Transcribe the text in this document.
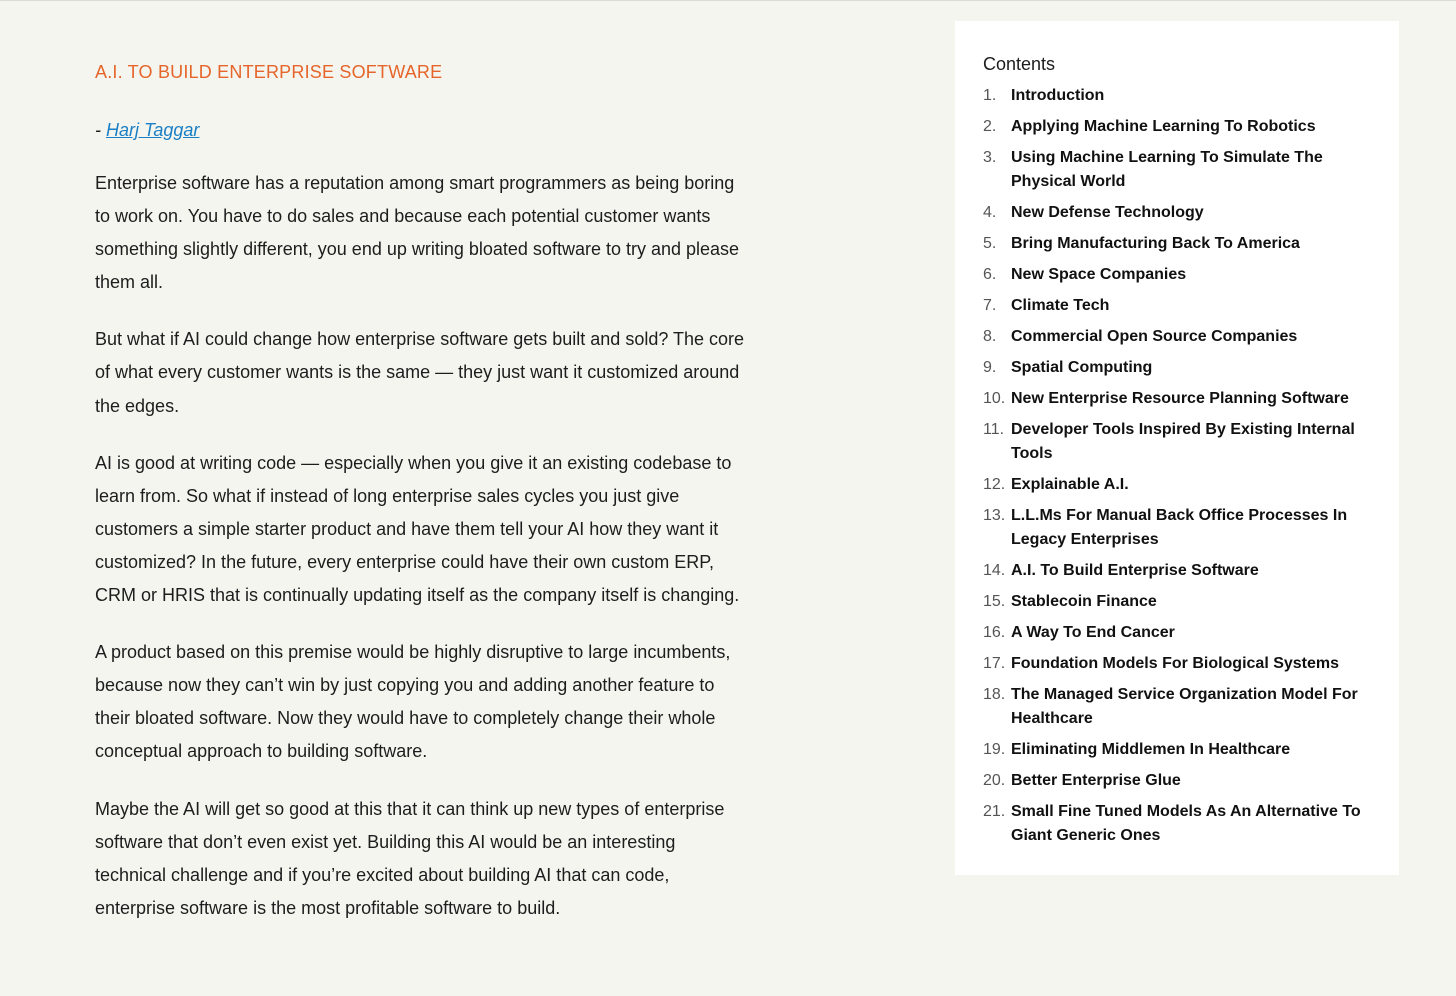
A.I. TO BUILD ENTERPRISE SOFTWARE

- Harj Taggar

Enterprise software has a reputation among smart programmers as being boring to work on. You have to do sales and because each potential customer wants something slightly different, you end up writing bloated software to try and please them all.

But what if AI could change how enterprise software gets built and sold? The core of what every customer wants is the same — they just want it customized around the edges.

AI is good at writing code — especially when you give it an existing codebase to learn from. So what if instead of long enterprise sales cycles you just give customers a simple starter product and have them tell your AI how they want it customized? In the future, every enterprise could have their own custom ERP, CRM or HRIS that is continually updating itself as the company itself is changing.

A product based on this premise would be highly disruptive to large incumbents, because now they can’t win by just copying you and adding another feature to their bloated software. Now they would have to completely change their whole conceptual approach to building software.

Maybe the AI will get so good at this that it can think up new types of enterprise software that don’t even exist yet. Building this AI would be an interesting technical challenge and if you’re excited about building AI that can code, enterprise software is the most profitable software to build.

Contents
1. Introduction
2. Applying Machine Learning To Robotics
3. Using Machine Learning To Simulate The Physical World
4. New Defense Technology
5. Bring Manufacturing Back To America
6. New Space Companies
7. Climate Tech
8. Commercial Open Source Companies
9. Spatial Computing
10. New Enterprise Resource Planning Software
11. Developer Tools Inspired By Existing Internal Tools
12. Explainable A.I.
13. L.L.Ms For Manual Back Office Processes In Legacy Enterprises
14. A.I. To Build Enterprise Software
15. Stablecoin Finance
16. A Way To End Cancer
17. Foundation Models For Biological Systems
18. The Managed Service Organization Model For Healthcare
19. Eliminating Middlemen In Healthcare
20. Better Enterprise Glue
21. Small Fine Tuned Models As An Alternative To Giant Generic Ones
